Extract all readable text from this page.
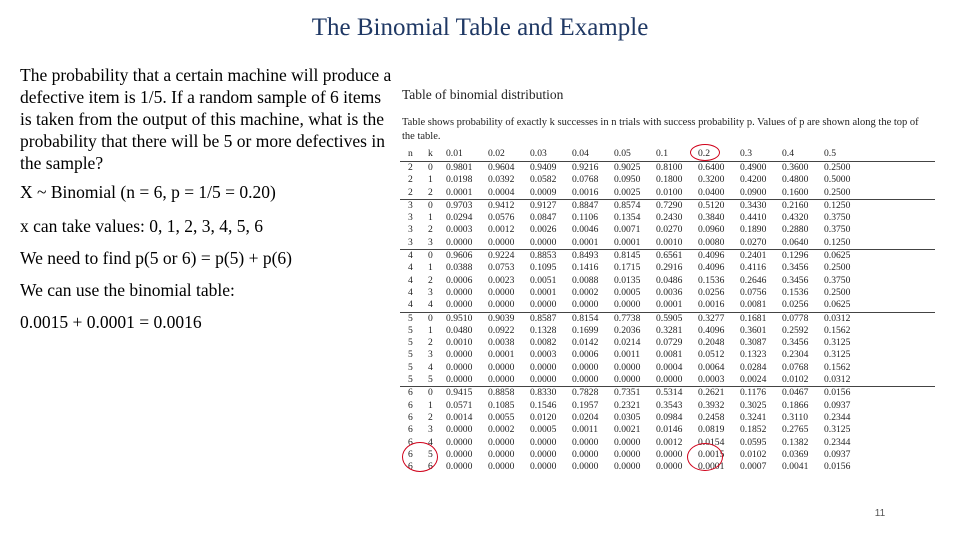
The Binomial Table and Example
The probability that a certain machine will produce a defective item is 1/5. If a random sample of 6 items is taken from the output of this machine, what is the probability that there will be 5 or more defectives in the sample?
X ~ Binomial (n = 6, p = 1/5 = 0.20)
x can take values: 0, 1, 2, 3, 4, 5, 6
We need to find p(5 or 6) = p(5) + p(6)
We can use the binomial table:
0.0015 + 0.0001 = 0.0016
Table of binomial distribution
Table shows probability of exactly k successes in n trials with success probability p. Values of p are shown along the top of the table.
n k 0.01	0.02	0.03	0.04	0.05	0.1	0.2	0.3	0.4	0.5
2 0 0.9801 0.9604 0.9409 0.9216 0.9025 0.8100 0.6400 0.4900 0.3600 0.2500
2 1 0.0198 0.0392 0.0582 0.0768 0.0950 0.1800 0.3200 0.4200 0.4800 0.5000
2 2 0.0001 0.0004 0.0009 0.0016 0.0025 0.0100 0.0400 0.0900 0.1600 0.2500
3 0 0.9703 0.9412 0.9127 0.8847 0.8574 0.7290 0.5120 0.3430 0.2160 0.1250
3 1 0.0294 0.0576 0.0847 0.1106 0.1354 0.2430 0.3840 0.4410 0.4320 0.3750
3 2 0.0003 0.0012 0.0026 0.0046 0.0071 0.0270 0.0960 0.1890 0.2880 0.3750
3 3 0.0000 0.0000 0.0000 0.0001 0.0001 0.0010 0.0080 0.0270 0.0640 0.1250
4 0 0.9606 0.9224 0.8853 0.8493 0.8145 0.6561 0.4096 0.2401 0.1296 0.0625
4 1 0.0388 0.0753 0.1095 0.1416 0.1715 0.2916 0.4096 0.4116 0.3456 0.2500
4 2 0.0006 0.0023 0.0051 0.0088 0.0135 0.0486 0.1536 0.2646 0.3456 0.3750
4 3 0.0000 0.0000 0.0001 0.0002 0.0005 0.0036 0.0256 0.0756 0.1536 0.2500
4 4 0.0000 0.0000 0.0000 0.0000 0.0000 0.0001 0.0016 0.0081 0.0256 0.0625
5 0 0.9510 0.9039 0.8587 0.8154 0.7738 0.5905 0.3277 0.1681 0.0778 0.0312
5 1 0.0480 0.0922 0.1328 0.1699 0.2036 0.3281 0.4096 0.3601 0.2592 0.1562
5 2 0.0010 0.0038 0.0082 0.0142 0.0214 0.0729 0.2048 0.3087 0.3456 0.3125
5 3 0.0000 0.0001 0.0003 0.0006 0.0011 0.0081 0.0512 0.1323 0.2304 0.3125
5 4 0.0000 0.0000 0.0000 0.0000 0.0000 0.0004 0.0064 0.0284 0.0768 0.1562
5 5 0.0000 0.0000 0.0000 0.0000 0.0000 0.0000 0.0003 0.0024 0.0102 0.0312
6 0 0.9415 0.8858 0.8330 0.7828 0.7351 0.5314 0.2621 0.1176 0.0467 0.0156
6 1 0.0571 0.1085 0.1546 0.1957 0.2321 0.3543 0.3932 0.3025 0.1866 0.0937
6 2 0.0014 0.0055 0.0120 0.0204 0.0305 0.0984 0.2458 0.3241 0.3110 0.2344
6 3 0.0000 0.0002 0.0005 0.0011 0.0021 0.0146 0.0819 0.1852 0.2765 0.3125
6 4 0.0000 0.0000 0.0000 0.0000 0.0000 0.0012 0.0154 0.0595 0.1382 0.2344
6 5 0.0000 0.0000 0.0000 0.0000 0.0000 0.0000 0.0015 0.0102 0.0369 0.0937
6 6 0.0000 0.0000 0.0000 0.0000 0.0000 0.0000 0.0001 0.0007 0.0041 0.0156
11
